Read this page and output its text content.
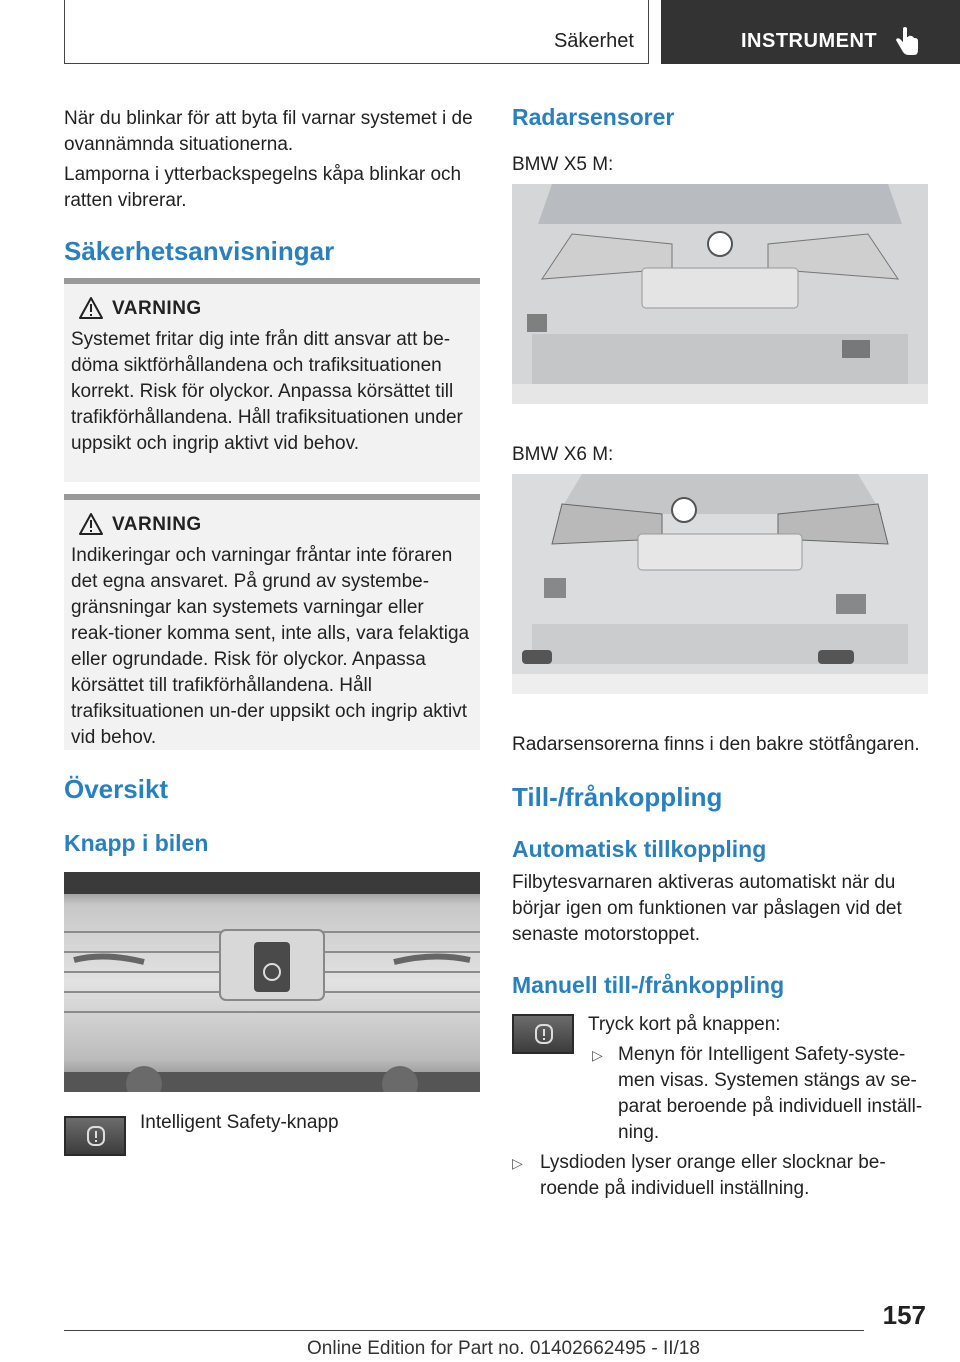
Säkerhet	INSTRUMENT

När du blinkar för att byta fil varnar systemet i de ovannämnda situationerna.

Lamporna i ytterbackspegelns kåpa blinkar och ratten vibrerar.

Säkerhetsanvisningar
VARNING

Systemet fritar dig inte från ditt ansvar att be-döma siktförhållandena och trafiksituationen korrekt. Risk för olyckor. Anpassa körsättet till trafikförhållandena. Håll trafiksituationen under uppsikt och ingrip aktivt vid behov.

VARNING

Indikeringar och varningar fråntar inte föraren det egna ansvaret. På grund av systembe-gränsningar kan systemets varningar eller reak-tioner komma sent, inte alls, vara felaktiga eller ogrundade. Risk för olyckor. Anpassa körsättet till trafikförhållandena. Håll trafiksituationen un-der uppsikt och ingrip aktivt vid behov.

Översikt
Knapp i bilen

Intelligent Safety-knapp

Radarsensorer

BMW X5 M:

BMW X6 M:

Radarsensorerna finns i den bakre stötfångaren.

Till-/frånkoppling
Automatisk tillkoppling

Filbytesvarnaren aktiveras automatiskt när du börjar igen om funktionen var påslagen vid det senaste motorstoppet.

Manuell till-/frånkoppling

Tryck kort på knappen:

▷ Menyn för Intelligent Safety-syste-men visas. Systemen stängs av se-parat beroende på individuell inställ-ning.

▷ Lysdioden lyser orange eller slocknar be-roende på individuell inställning.

157
Online Edition for Part no. 01402662495 - II/18
